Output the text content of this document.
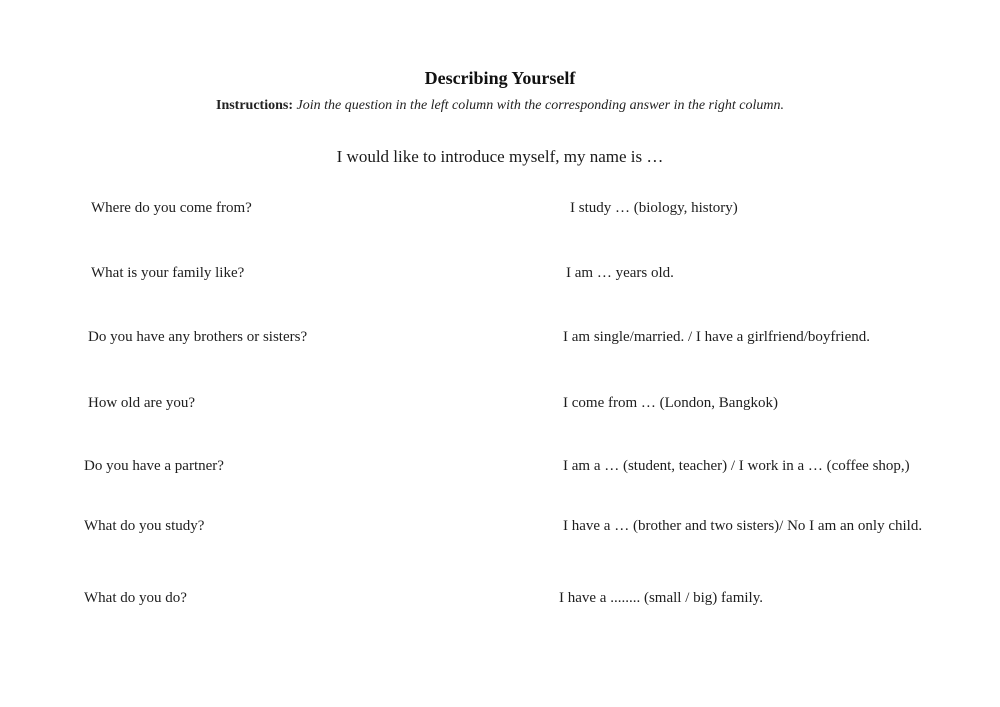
Describing Yourself
Instructions: Join the question in the left column with the corresponding answer in the right column.
I would like to introduce myself, my name is …
Where do you come from?
What is your family like?
Do you have any brothers or sisters?
How old are you?
Do you have a partner?
What do you study?
What do you do?
I study … (biology, history)
I am … years old.
I am single/married. / I have a girlfriend/boyfriend.
I come from … (London, Bangkok)
I am a … (student, teacher) / I work in a … (coffee shop,)
I have a … (brother and two sisters)/ No I am an only child.
I have a ........ (small / big) family.
